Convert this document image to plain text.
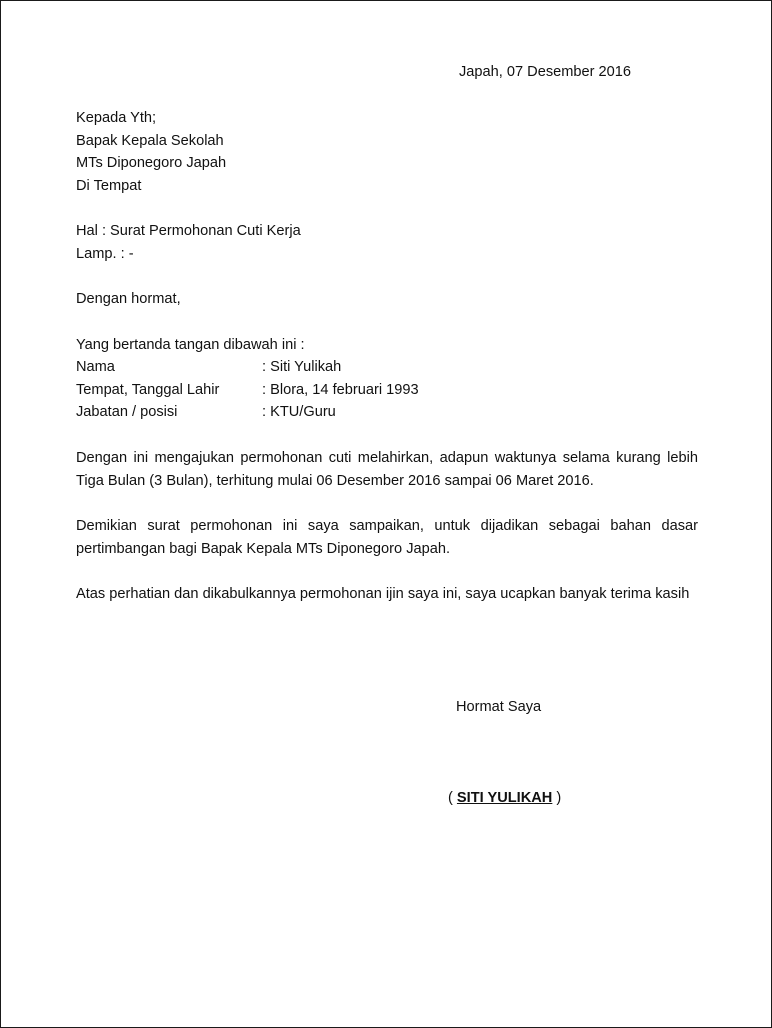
Japah, 07 Desember 2016
Kepada Yth;
Bapak Kepala Sekolah
MTs Diponegoro Japah
Di Tempat
Hal : Surat Permohonan Cuti Kerja
Lamp. : -
Dengan hormat,
Yang bertanda tangan dibawah ini :
Nama	: Siti Yulikah
Tempat, Tanggal Lahir	: Blora, 14 februari 1993
Jabatan / posisi	: KTU/Guru
Dengan ini mengajukan permohonan cuti melahirkan, adapun waktunya selama kurang lebih Tiga Bulan (3 Bulan), terhitung mulai 06 Desember 2016 sampai 06 Maret 2016.
Demikian surat permohonan ini saya sampaikan, untuk dijadikan sebagai bahan dasar pertimbangan bagi Bapak Kepala MTs Diponegoro Japah.
Atas perhatian dan dikabulkannya permohonan ijin saya ini, saya ucapkan banyak terima kasih
Hormat Saya
( SITI YULIKAH )
